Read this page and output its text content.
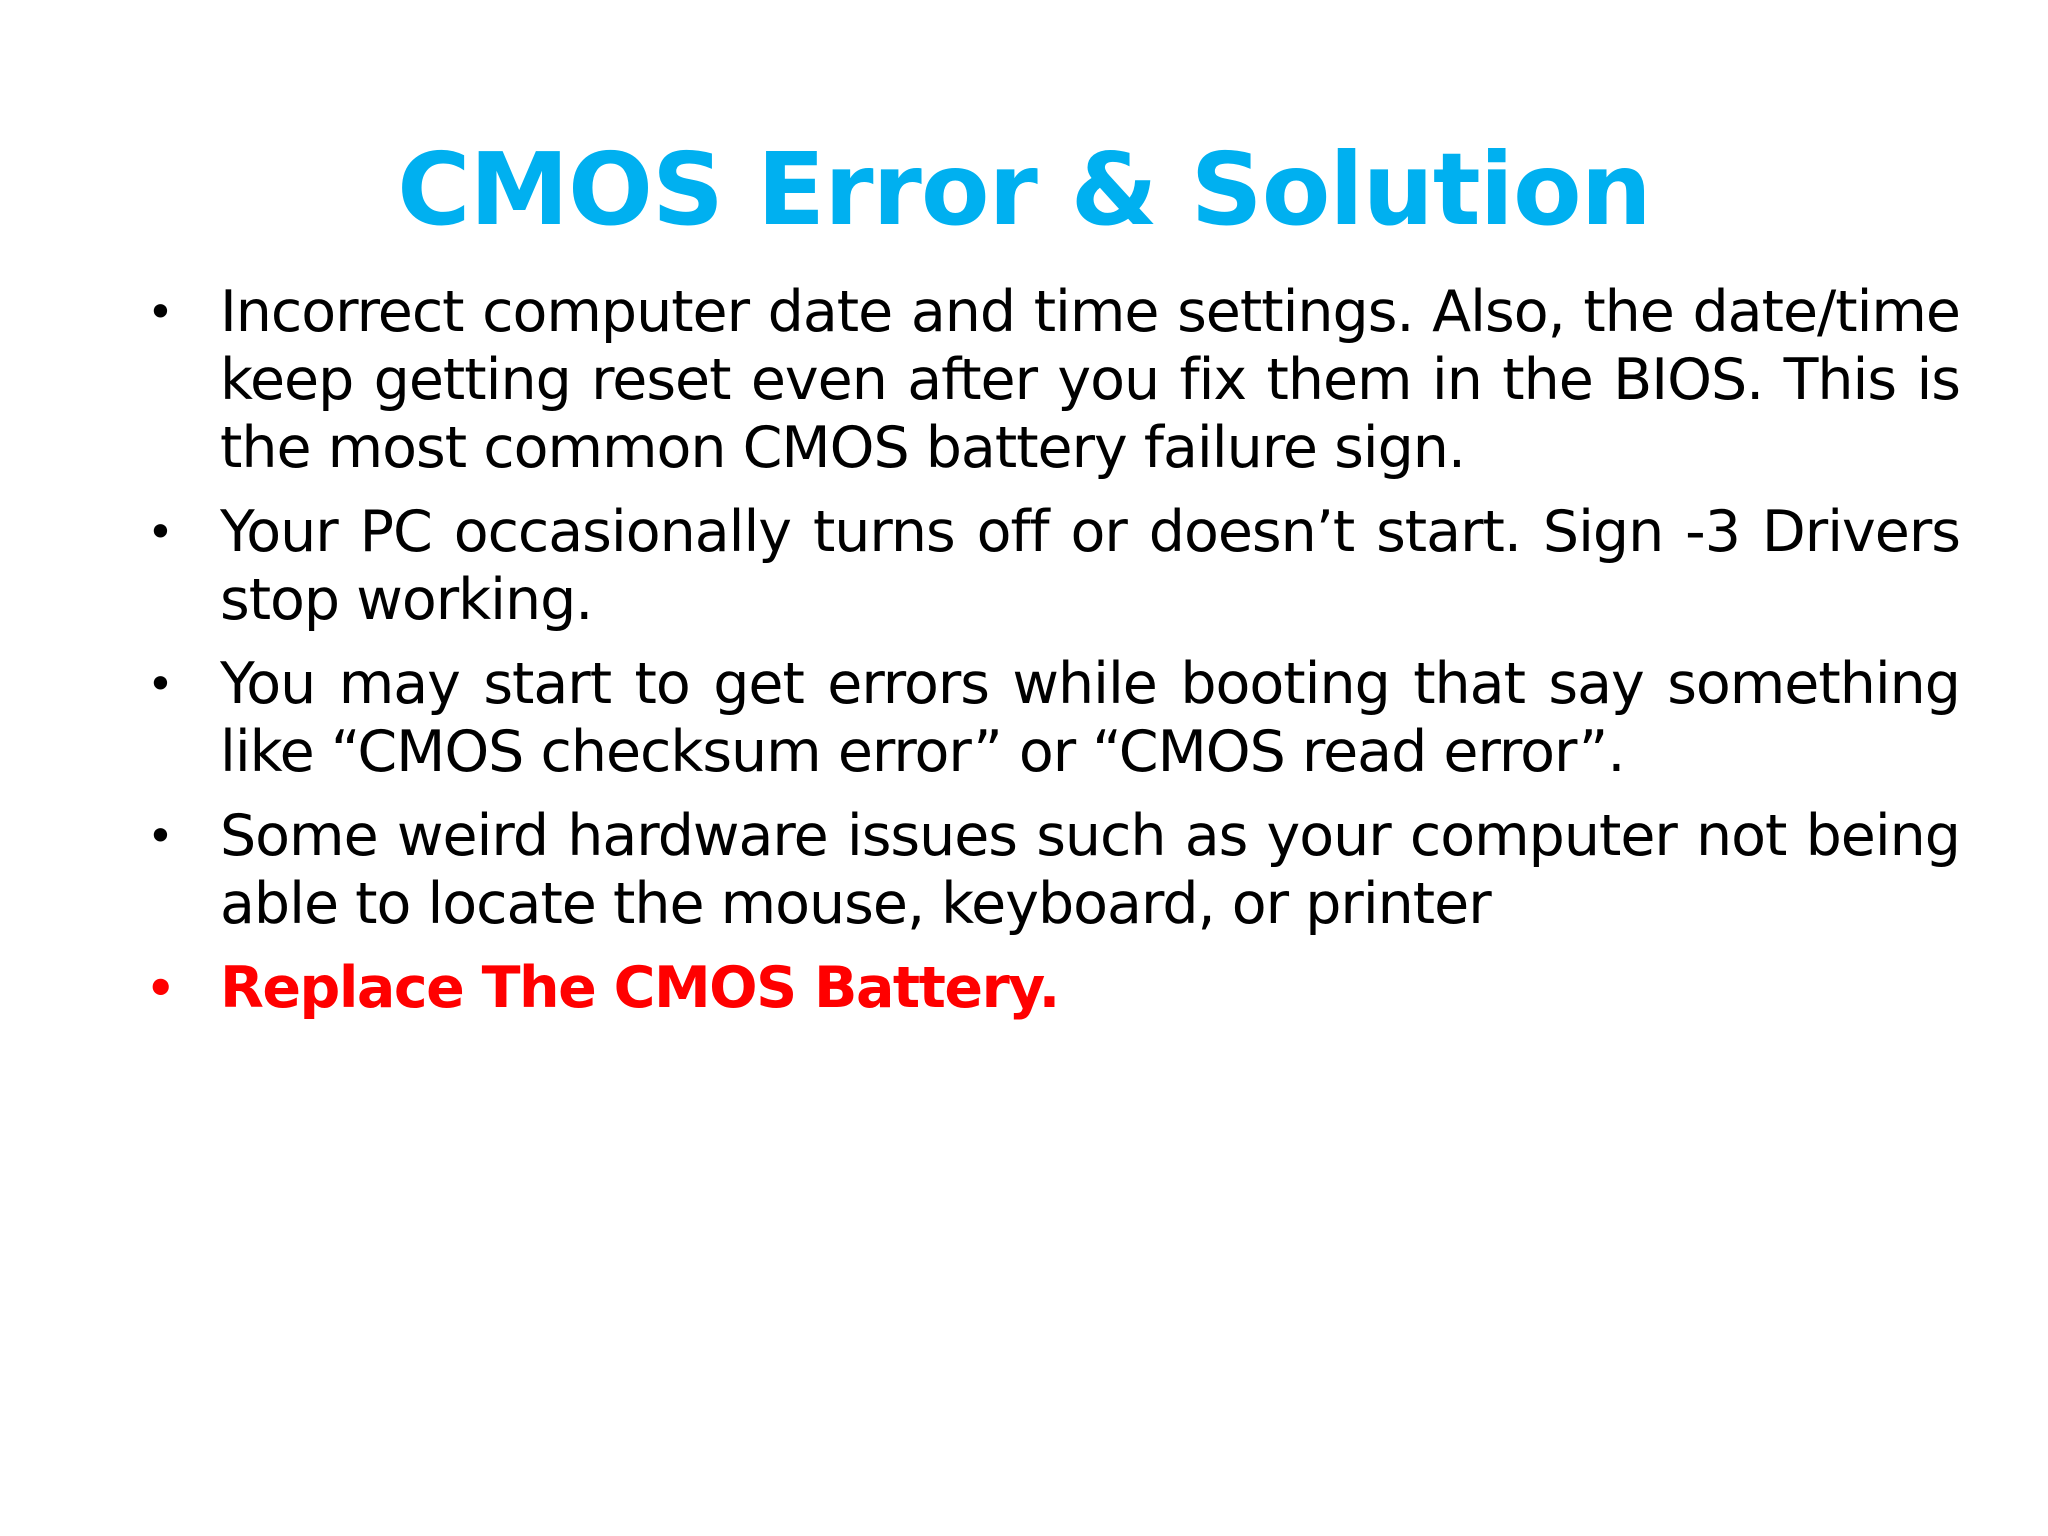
CMOS Error & Solution
• Incorrect computer date and time settings. Also, the date/time keep getting reset even after you fix them in the BIOS. This is the most common CMOS battery failure sign.
• Your PC occasionally turns off or doesn’t start. Sign -3 Drivers stop working.
• You may start to get errors while booting that say something like “CMOS checksum error” or “CMOS read error”.
• Some weird hardware issues such as your computer not being able to locate the mouse, keyboard, or printer
• Replace The CMOS Battery.
